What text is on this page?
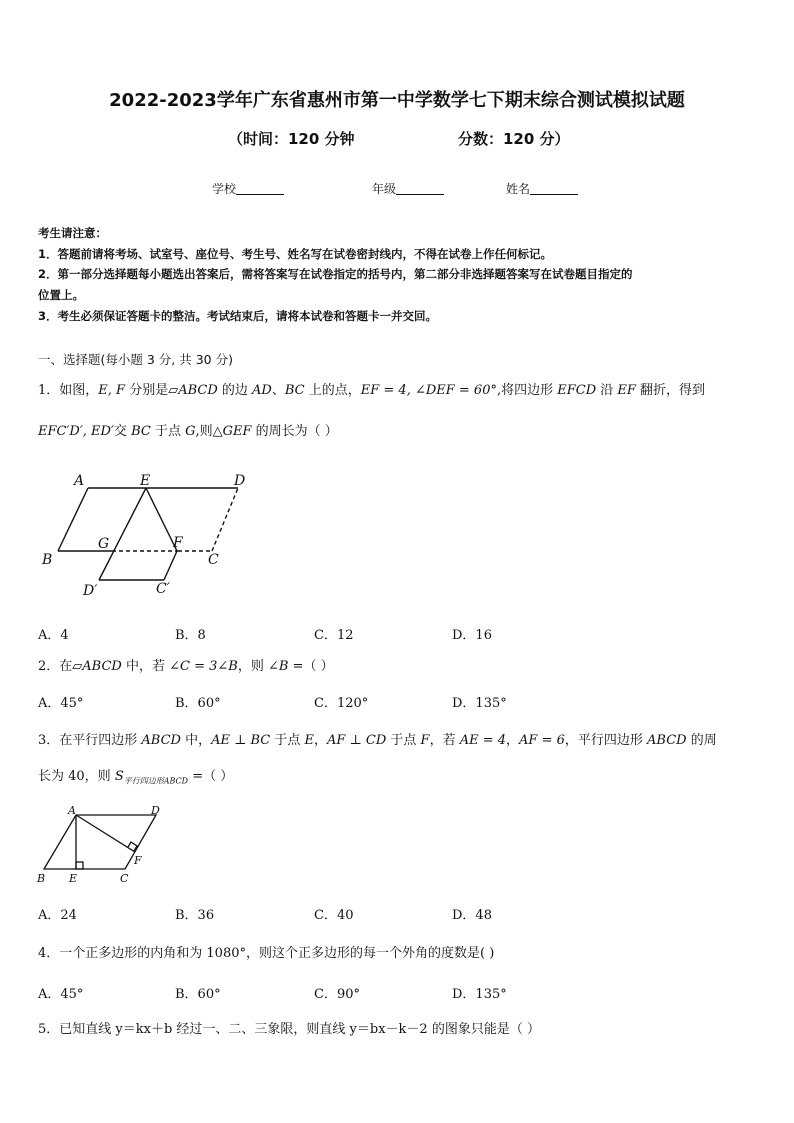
2022-2023学年广东省惠州市第一中学数学七下期末综合测试模拟试题
（时间：120 分钟	分数：120 分）
学校	年级	姓名
考生请注意：
1．答题前请将考场、试室号、座位号、考生号、姓名写在试卷密封线内，不得在试卷上作任何标记。
2．第一部分选择题每小题选出答案后，需将答案写在试卷指定的括号内，第二部分非选择题答案写在试卷题目指定的
位置上。
3．考生必须保证答题卡的整洁。考试结束后，请将本试卷和答题卡一并交回。
一、选择题(每小题 3 分, 共 30 分)
1．如图，E, F 分别是▱ABCD 的边 AD、BC 上的点，EF = 4, ∠DEF = 60°,将四边形 EFCD 沿 EF 翻折，得到
EFC′D′, ED′交 BC 于点 G,则△GEF 的周长为（ ）
A	E	D
B
G	F
C
D′	C′
A．4	B．8	C．12	D．16
2．在▱ABCD 中，若 ∠C = 3∠B，则 ∠B =（ ）
A．45°	B．60°	C．120°	D．135°
3．在平行四边形 ABCD 中，AE ⊥ BC 于点 E，AF ⊥ CD 于点 F，若 AE = 4，AF = 6，平行四边形 ABCD 的周
长为 40，则 $S_{平行四边形ABCD}$ =（ ）
A	D
B E	C
F
A．24	B．36	C．40	D．48
4．一个正多边形的内角和为 1080°，则这个正多边形的每一个外角的度数是( )
A．45°	B．60°	C．90°	D．135°
5．已知直线 y＝kx＋b 经过一、二、三象限，则直线 y＝bx－k－2 的图象只能是（ ）
